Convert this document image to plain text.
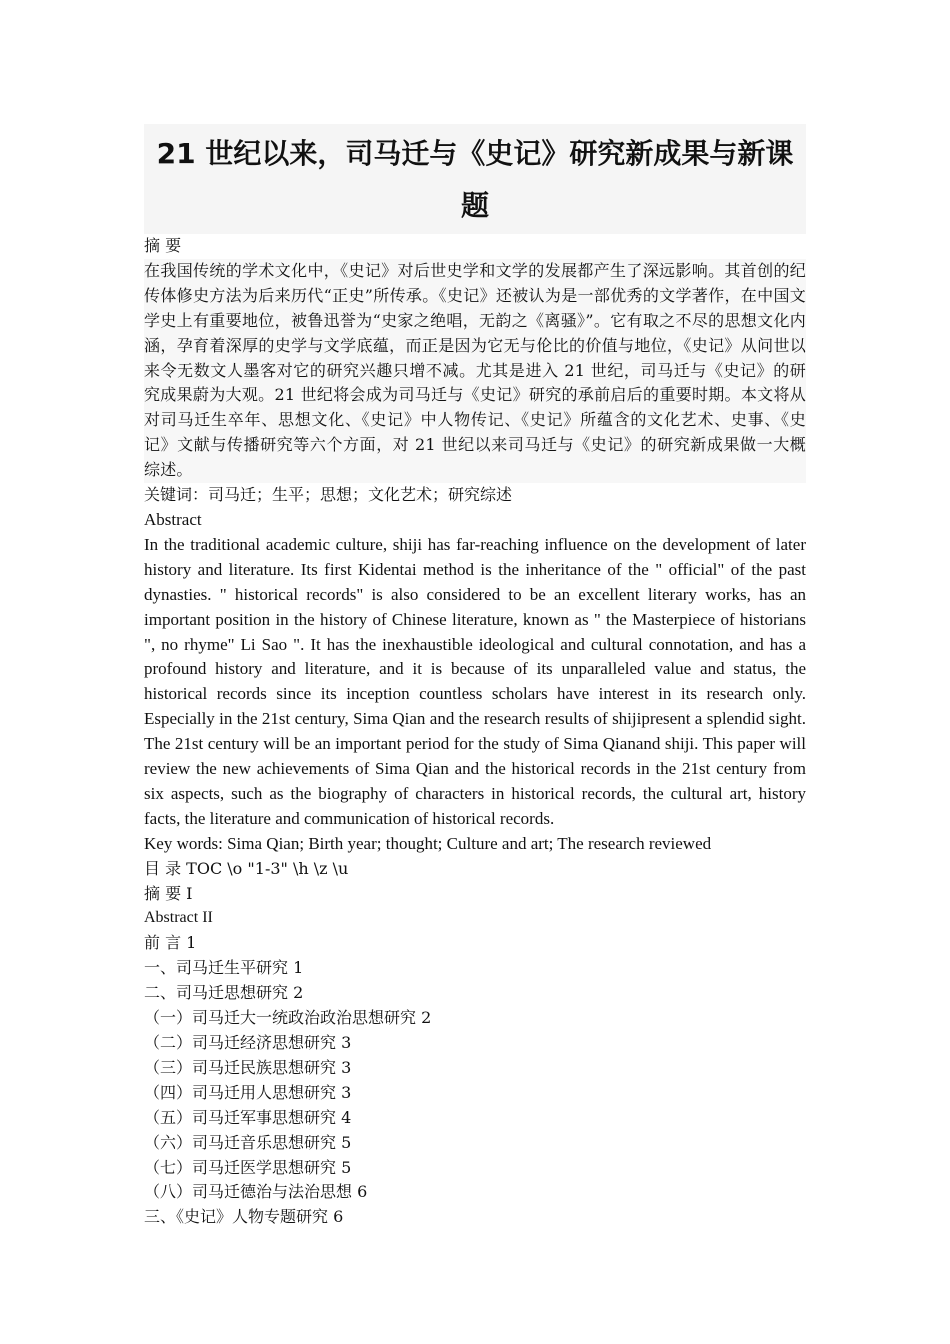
21 世纪以来，司马迁与《史记》研究新成果与新课题

摘 要

在我国传统的学术文化中，《史记》对后世史学和文学的发展都产生了深远影响。其首创的纪传体修史方法为后来历代“正史”所传承。《史记》还被认为是一部优秀的文学著作，在中国文学史上有重要地位，被鲁迅誉为“史家之绝唱，无韵之《离骚》”。它有取之不尽的思想文化内涵，孕育着深厚的史学与文学底蕴，而正是因为它无与伦比的价值与地位，《史记》从问世以来令无数文人墨客对它的研究兴趣只增不减。尤其是进入 21 世纪，司马迁与《史记》的研究成果蔚为大观。21 世纪将会成为司马迁与《史记》研究的承前启后的重要时期。本文将从对司马迁生卒年、思想文化、《史记》中人物传记、《史记》所蕴含的文化艺术、史事、《史记》文献与传播研究等六个方面，对 21 世纪以来司马迁与《史记》的研究新成果做一大概综述。

关键词：司马迁；生平；思想；文化艺术；研究综述

Abstract

In the traditional academic culture, shiji has far-reaching influence on the development of later history and literature. Its first Kidentai method is the inheritance of the " official" of the past dynasties. " historical records" is also considered to be an excellent literary works, has an important position in the history of Chinese literature, known as " the Masterpiece of historians ", no rhyme" Li Sao ". It has the inexhaustible ideological and cultural connotation, and has a profound history and literature, and it is because of its unparalleled value and status, the historical records since its inception countless scholars have interest in its research only. Especially in the 21st century, Sima Qian and the research results of shijipresent a splendid sight. The 21st century will be an important period for the study of Sima Qianand shiji. This paper will review the new achievements of Sima Qian and the historical records in the 21st century from six aspects, such as the biography of characters in historical records, the cultural art, history facts, the literature and communication of historical records.

Key words: Sima Qian; Birth year; thought; Culture and art; The research reviewed

目 录 TOC \o "1-3" \h \z \u

摘 要 I

Abstract II

前 言 1

一、司马迁生平研究 1

二、司马迁思想研究 2

（一）司马迁大一统政治政治思想研究 2

（二）司马迁经济思想研究 3

（三）司马迁民族思想研究 3

（四）司马迁用人思想研究 3

（五）司马迁军事思想研究 4

（六）司马迁音乐思想研究 5

（七）司马迁医学思想研究 5

（八）司马迁德治与法治思想 6

三、《史记》人物专题研究 6
